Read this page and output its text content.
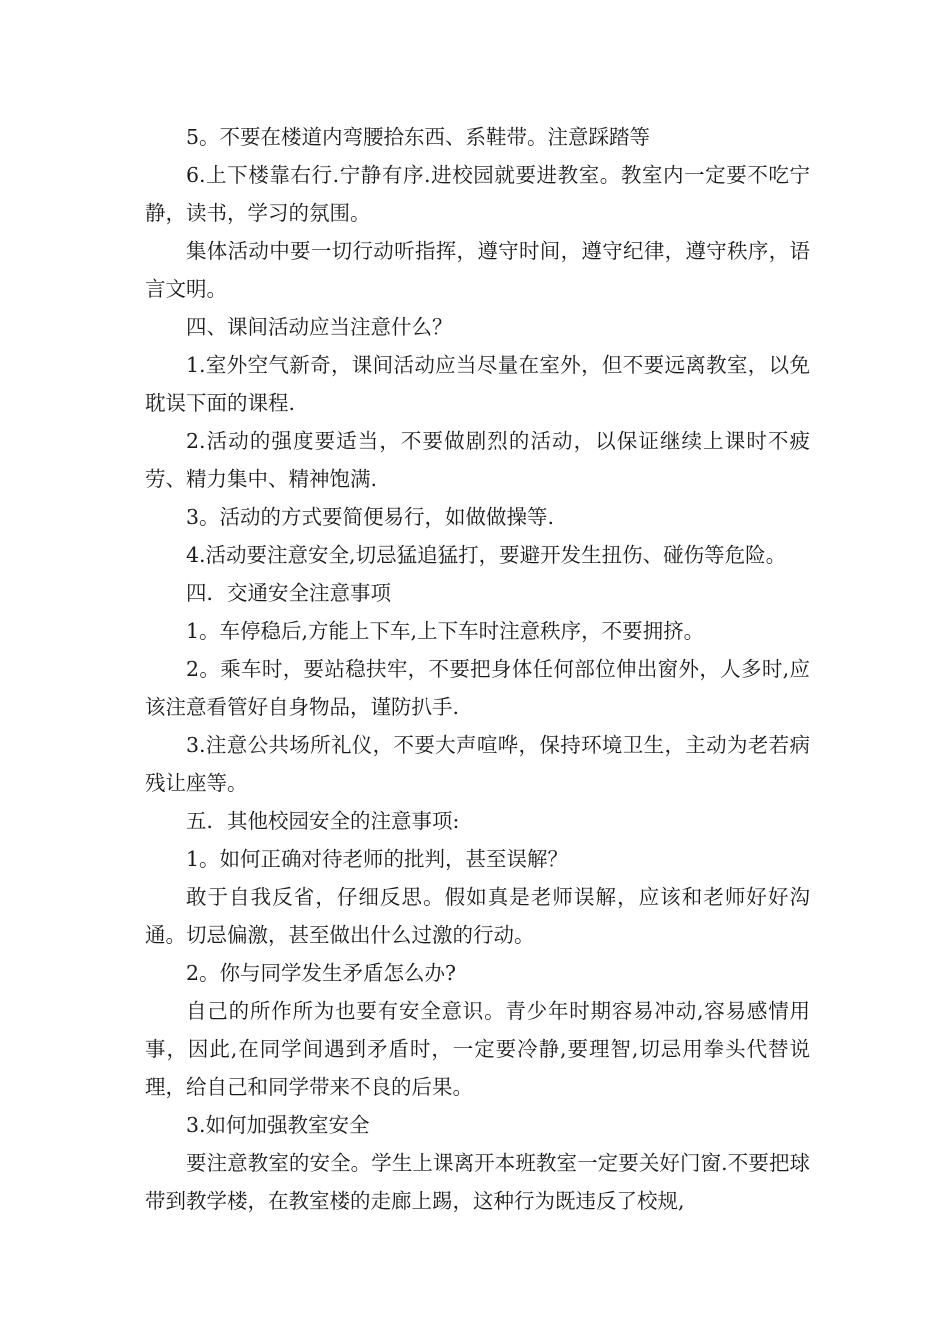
5。不要在楼道内弯腰拾东西、系鞋带。注意踩踏等

6.上下楼靠右行.宁静有序.进校园就要进教室。教室内一定要不吃宁静，读书，学习的氛围。

集体活动中要一切行动听指挥，遵守时间，遵守纪律，遵守秩序，语言文明。

四、课间活动应当注意什么？

1.室外空气新奇，课间活动应当尽量在室外，但不要远离教室，以免耽误下面的课程.

2.活动的强度要适当，不要做剧烈的活动，以保证继续上课时不疲劳、精力集中、精神饱满.

3。活动的方式要简便易行，如做做操等.

4.活动要注意安全,切忌猛追猛打，要避开发生扭伤、碰伤等危险。

四．交通安全注意事项

1。车停稳后,方能上下车,上下车时注意秩序，不要拥挤。

2。乘车时，要站稳扶牢，不要把身体任何部位伸出窗外，人多时,应该注意看管好自身物品，谨防扒手.

3.注意公共场所礼仪，不要大声喧哗，保持环境卫生，主动为老若病残让座等。

五．其他校园安全的注意事项:

1。如何正确对待老师的批判，甚至误解？

敢于自我反省，仔细反思。假如真是老师误解，应该和老师好好沟通。切忌偏激，甚至做出什么过激的行动。

2。你与同学发生矛盾怎么办?

自己的所作所为也要有安全意识。青少年时期容易冲动,容易感情用事，因此,在同学间遇到矛盾时，一定要冷静,要理智,切忌用拳头代替说理，给自己和同学带来不良的后果。

3.如何加强教室安全

要注意教室的安全。学生上课离开本班教室一定要关好门窗.不要把球带到教学楼，在教室楼的走廊上踢，这种行为既违反了校规,
